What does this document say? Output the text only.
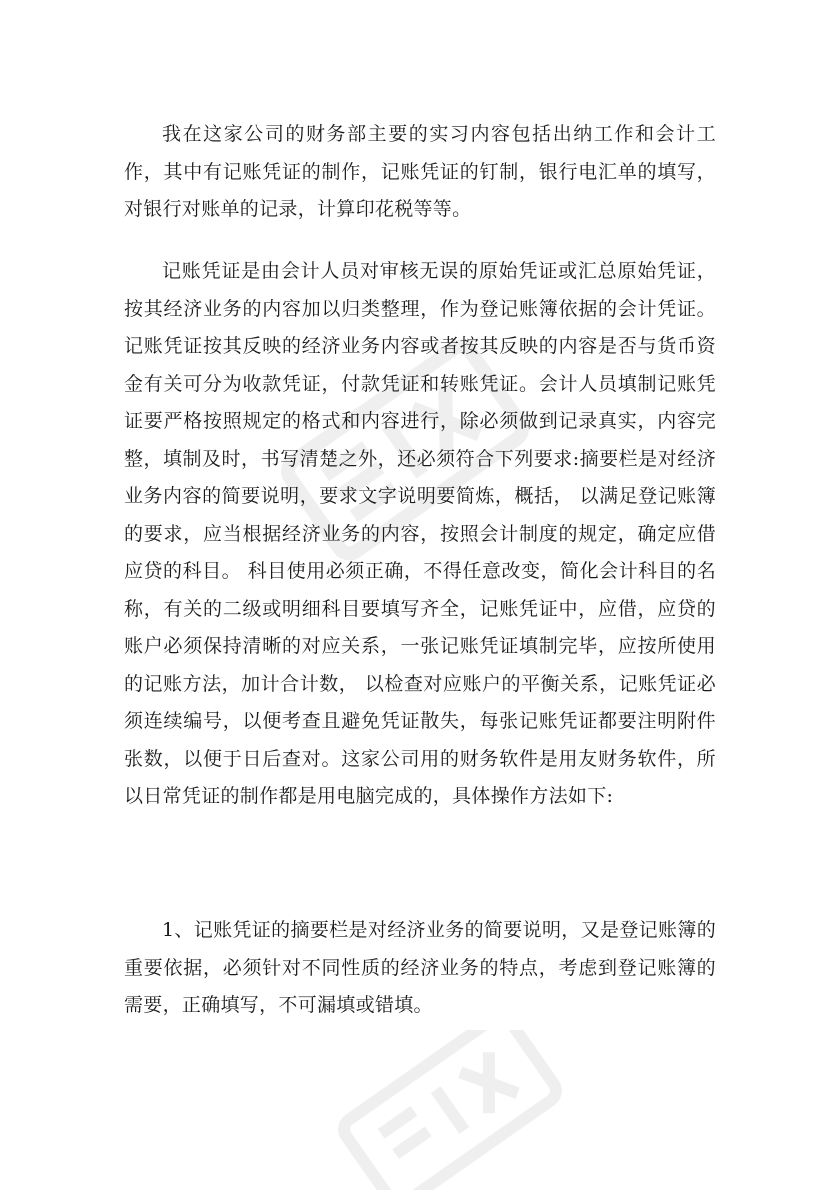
我在这家公司的财务部主要的实习内容包括出纳工作和会计工作，其中有记账凭证的制作，记账凭证的钉制，银行电汇单的填写，对银行对账单的记录，计算印花税等等。

记账凭证是由会计人员对审核无误的原始凭证或汇总原始凭证，按其经济业务的内容加以归类整理，作为登记账簿依据的会计凭证。记账凭证按其反映的经济业务内容或者按其反映的内容是否与货币资金有关可分为收款凭证，付款凭证和转账凭证。会计人员填制记账凭证要严格按照规定的格式和内容进行，除必须做到记录真实，内容完整，填制及时，书写清楚之外，还必须符合下列要求:摘要栏是对经济业务内容的简要说明，要求文字说明要简炼，概括， 以满足登记账簿的要求，应当根据经济业务的内容，按照会计制度的规定，确定应借应贷的科目。 科目使用必须正确，不得任意改变，简化会计科目的名称，有关的二级或明细科目要填写齐全，记账凭证中，应借，应贷的账户必须保持清晰的对应关系，一张记账凭证填制完毕，应按所使用的记账方法，加计合计数， 以检查对应账户的平衡关系，记账凭证必须连续编号，以便考查且避免凭证散失，每张记账凭证都要注明附件张数，以便于日后查对。这家公司用的财务软件是用友财务软件，所以日常凭证的制作都是用电脑完成的，具体操作方法如下:

1、记账凭证的摘要栏是对经济业务的简要说明，又是登记账簿的重要依据，必须针对不同性质的经济业务的特点，考虑到登记账簿的需要，正确填写，不可漏填或错填。
